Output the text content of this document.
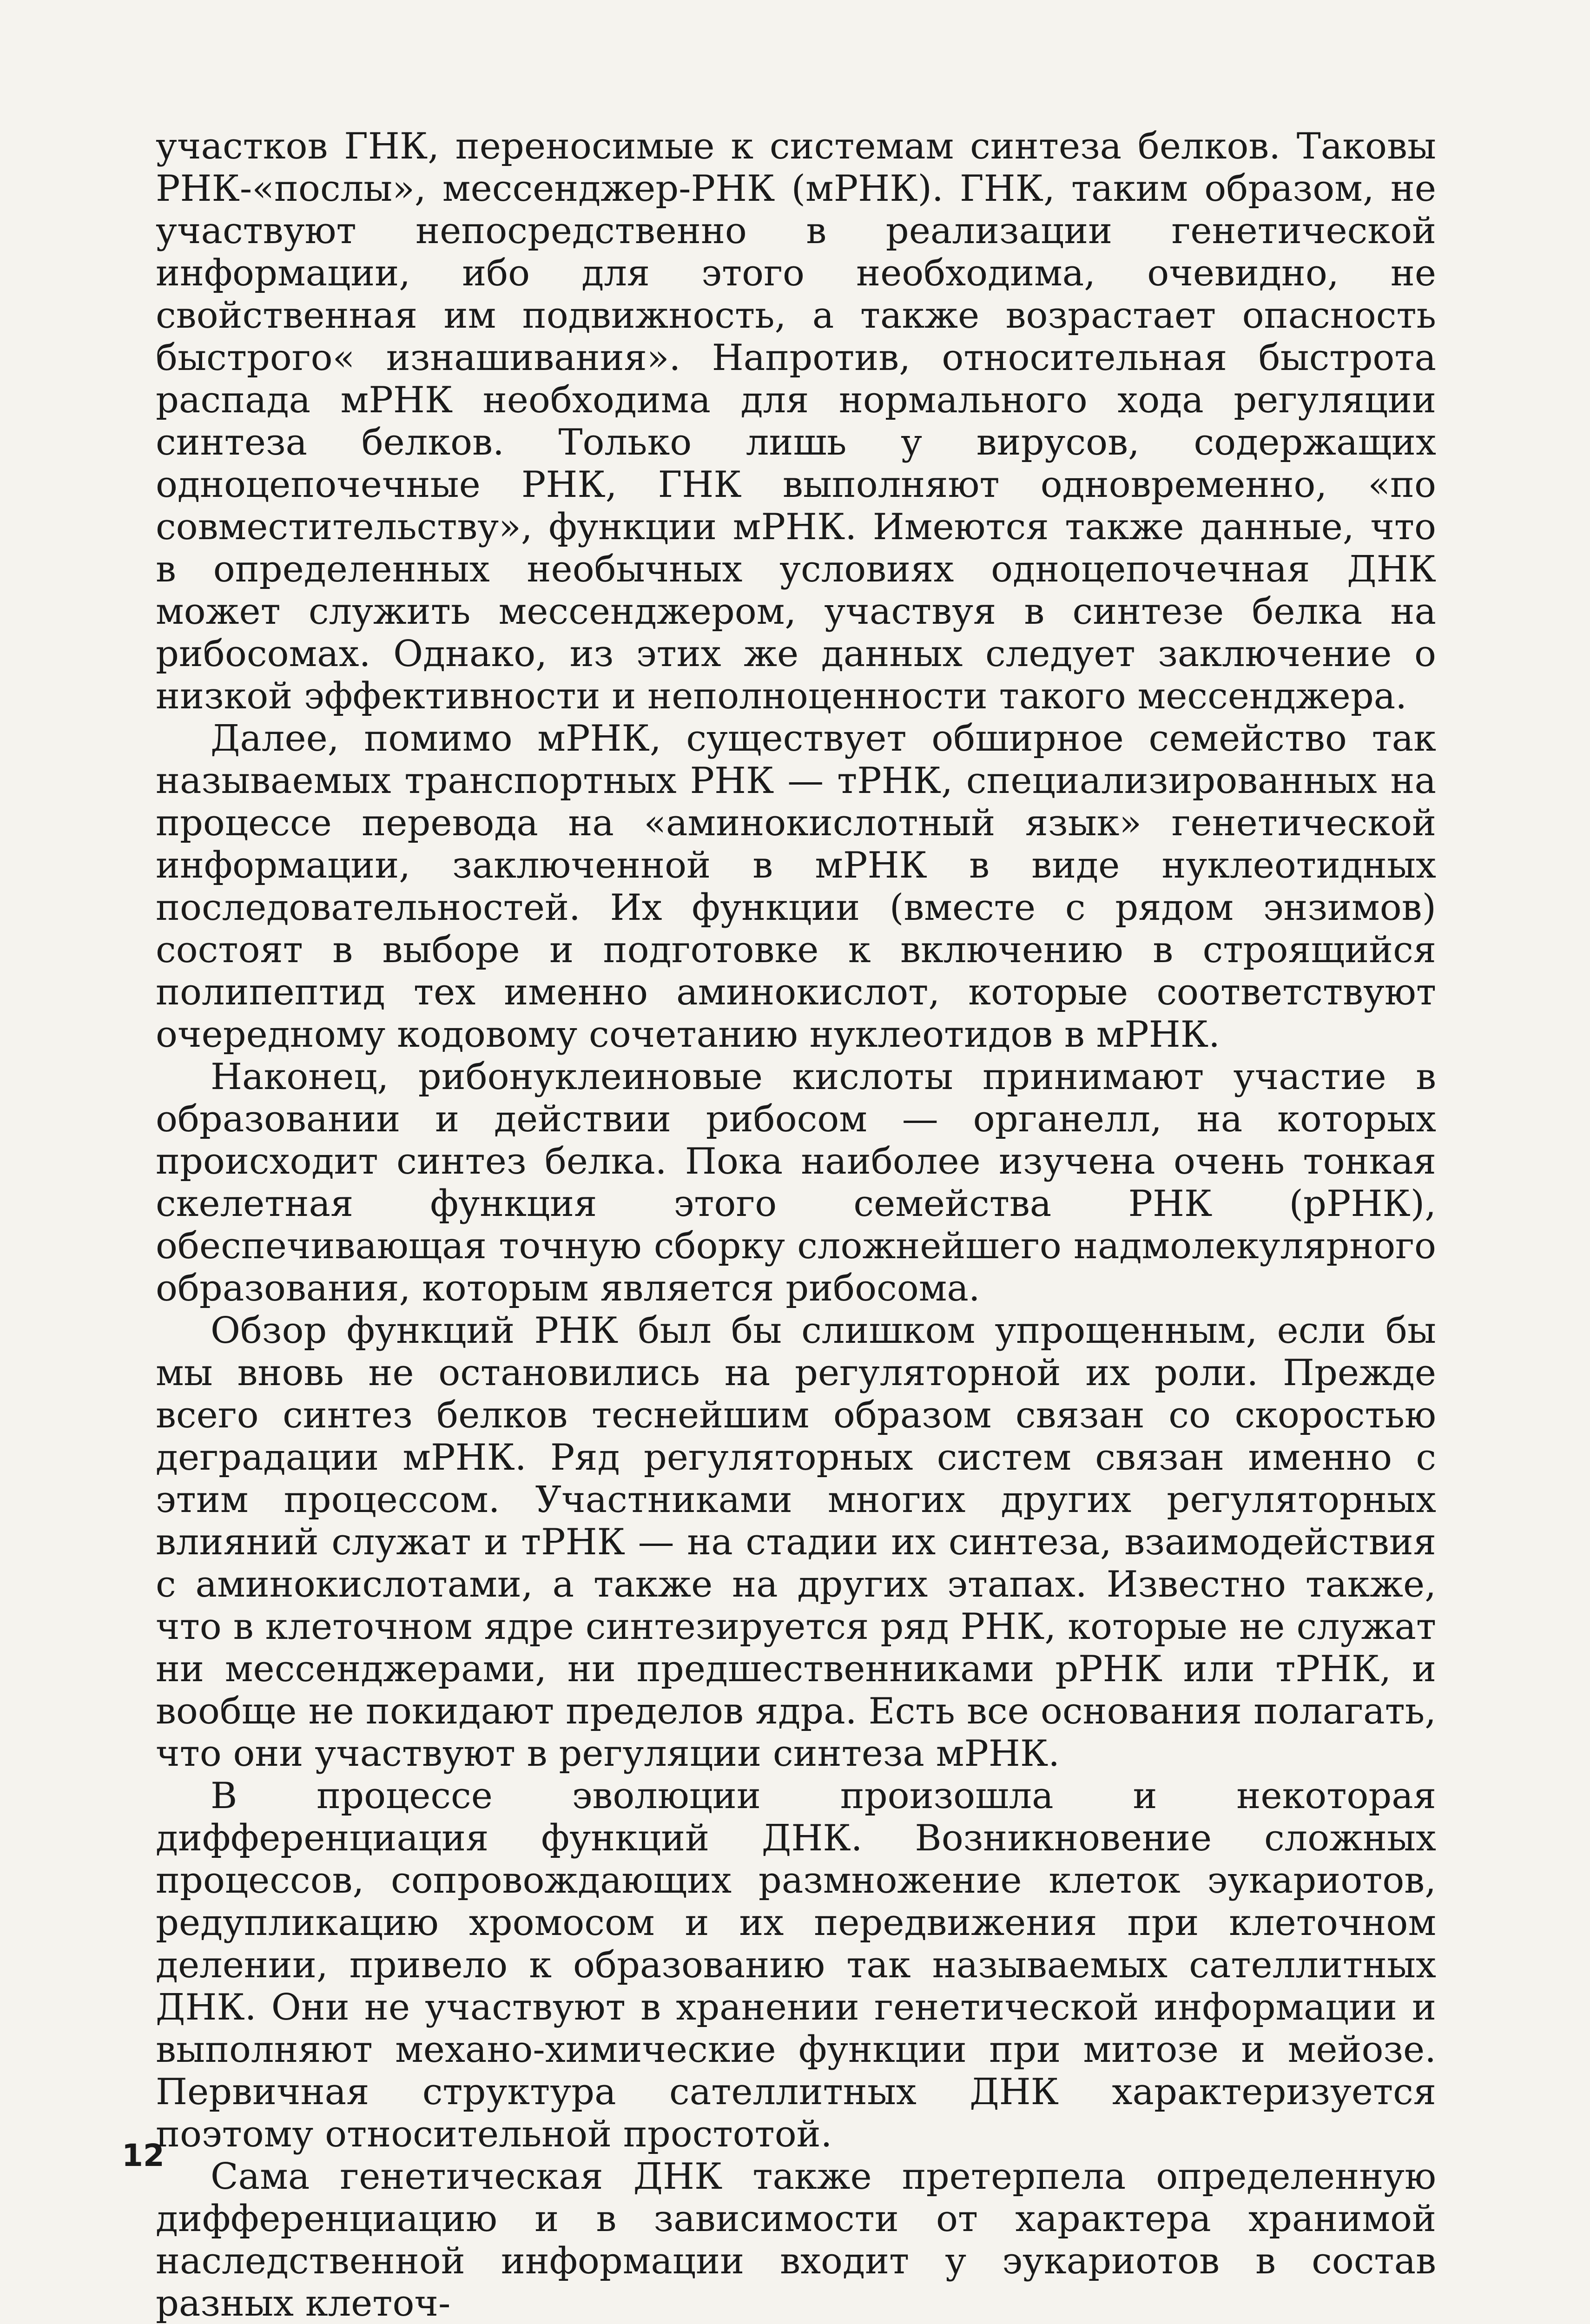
участков ГНК, переносимые к системам синтеза белков. Таковы РНК-«послы», мессенджер-РНК (мРНК). ГНК, таким образом, не участвуют непосредственно в реализации генетической информации, ибо для этого необходима, очевидно, не свойственная им подвижность, а также возрастает опасность быстрого« изнашивания». Напротив, относительная быстрота распада мРНК необходима для нормального хода регуляции синтеза белков. Только лишь у вирусов, содержащих одноцепочечные РНК, ГНК выполняют одновременно, «по совместительству», функции мРНК. Имеются также данные, что в определенных необычных условиях одноцепочечная ДНК может служить мессенджером, участвуя в синтезе белка на рибосомах. Однако, из этих же данных следует заключение о низкой эффективности и неполноценности такого мессенджера.

Далее, помимо мРНК, существует обширное семейство так называемых транспортных РНК — тРНК, специализированных на процессе перевода на «аминокислотный язык» генетической информации, заключенной в мРНК в виде нуклеотидных последовательностей. Их функции (вместе с рядом энзимов) состоят в выборе и подготовке к включению в строящийся полипептид тех именно аминокислот, которые соответствуют очередному кодовому сочетанию нуклеотидов в мРНК.

Наконец, рибонуклеиновые кислоты принимают участие в образовании и действии рибосом — органелл, на которых происходит синтез белка. Пока наиболее изучена очень тонкая скелетная функция этого семейства РНК (рРНК), обеспечивающая точную сборку сложнейшего надмолекулярного образования, которым является рибосома.

Обзор функций РНК был бы слишком упрощенным, если бы мы вновь не остановились на регуляторной их роли. Прежде всего синтез белков теснейшим образом связан со скоростью деградации мРНК. Ряд регуляторных систем связан именно с этим процессом. Участниками многих других регуляторных влияний служат и тРНК — на стадии их синтеза, взаимодействия с аминокислотами, а также на других этапах. Известно также, что в клеточном ядре синтезируется ряд РНК, которые не служат ни мессенджерами, ни предшественниками рРНК или тРНК, и вообще не покидают пределов ядра. Есть все основания полагать, что они участвуют в регуляции синтеза мРНК.

В процессе эволюции произошла и некоторая дифференциация функций ДНК. Возникновение сложных процессов, сопровождающих размножение клеток эукариотов, редупликацию хромосом и их передвижения при клеточном делении, привело к образованию так называемых сателлитных ДНК. Они не участвуют в хранении генетической информации и выполняют механо-химические функции при митозе и мейозе. Первичная структура сателлитных ДНК характеризуется поэтому относительной простотой.

Сама генетическая ДНК также претерпела определенную дифференциацию и в зависимости от характера хранимой наследственной информации входит у эукариотов в состав разных клеточ-

12
